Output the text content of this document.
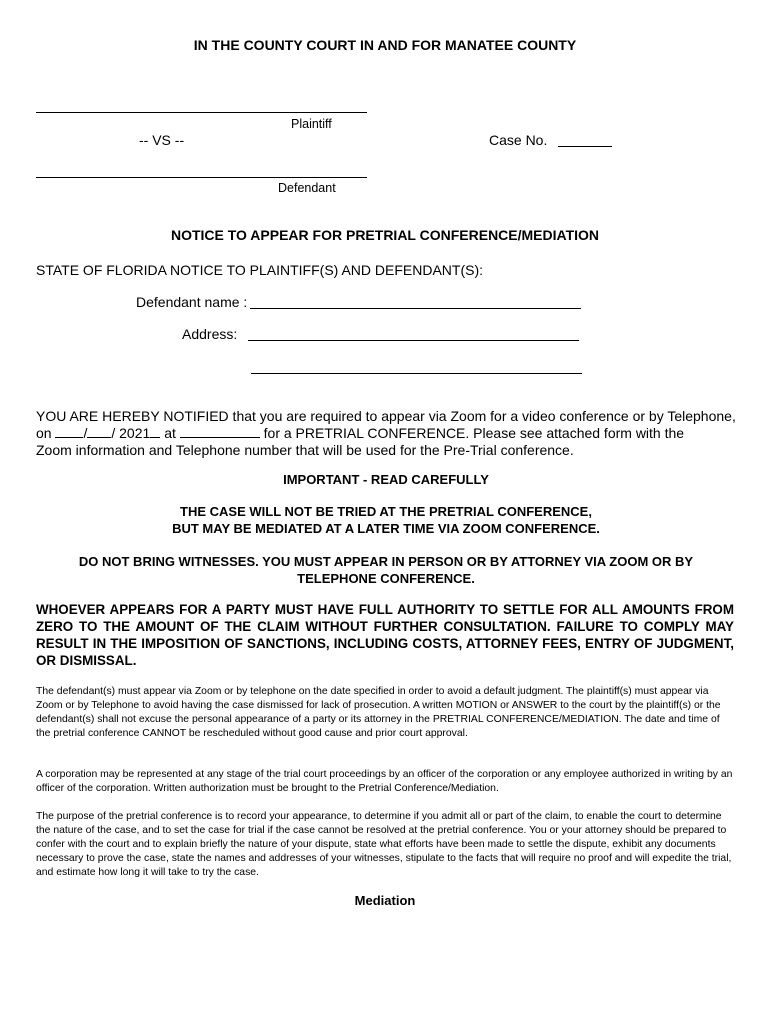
IN THE COUNTY COURT IN AND FOR MANATEE COUNTY
Plaintiff
-- VS --	Case No.
Defendant
NOTICE TO APPEAR FOR PRETRIAL CONFERENCE/MEDIATION
STATE OF FLORIDA NOTICE TO PLAINTIFF(S) AND DEFENDANT(S):
Defendant name :
Address:
YOU ARE HEREBY NOTIFIED that you are required to appear via Zoom for a video conference or by Telephone,
on / / 2021 at	for a PRETRIAL CONFERENCE. Please see attached form with the
Zoom information and Telephone number that will be used for the Pre-Trial conference.
IMPORTANT - READ CAREFULLY
THE CASE WILL NOT BE TRIED AT THE PRETRIAL CONFERENCE,
BUT MAY BE MEDIATED AT A LATER TIME VIA ZOOM CONFERENCE.
DO NOT BRING WITNESSES. YOU MUST APPEAR IN PERSON OR BY ATTORNEY VIA ZOOM OR BY
TELEPHONE CONFERENCE.
WHOEVER APPEARS FOR A PARTY MUST HAVE FULL AUTHORITY TO SETTLE FOR ALL AMOUNTS FROM ZERO TO THE AMOUNT OF THE CLAIM WITHOUT FURTHER CONSULTATION. FAILURE TO COMPLY MAY RESULT IN THE IMPOSITION OF SANCTIONS, INCLUDING COSTS, ATTORNEY FEES, ENTRY OF JUDGMENT, OR DISMISSAL.
The defendant(s) must appear via Zoom or by telephone on the date specified in order to avoid a default judgment. The plaintiff(s) must appear via Zoom or by Telephone to avoid having the case dismissed for lack of prosecution. A written MOTION or ANSWER to the court by the plaintiff(s) or the defendant(s) shall not excuse the personal appearance of a party or its attorney in the PRETRIAL CONFERENCE/MEDIATION. The date and time of the pretrial conference CANNOT be rescheduled without good cause and prior court approval.
A corporation may be represented at any stage of the trial court proceedings by an officer of the corporation or any employee authorized in writing by an officer of the corporation. Written authorization must be brought to the Pretrial Conference/Mediation.
The purpose of the pretrial conference is to record your appearance, to determine if you admit all or part of the claim, to enable the court to determine the nature of the case, and to set the case for trial if the case cannot be resolved at the pretrial conference. You or your attorney should be prepared to confer with the court and to explain briefly the nature of your dispute, state what efforts have been made to settle the dispute, exhibit any documents necessary to prove the case, state the names and addresses of your witnesses, stipulate to the facts that will require no proof and will expedite the trial, and estimate how long it will take to try the case.
Mediation
